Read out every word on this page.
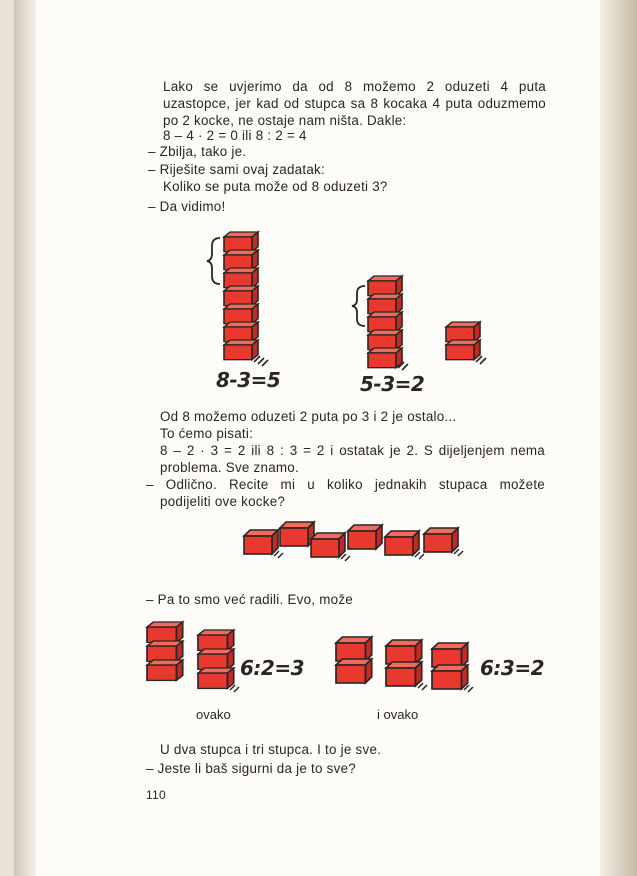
Lako se uvjerimo da od 8 možemo 2 oduzeti 4 puta
uzastopce, jer kad od stupca sa 8 kocaka 4 puta oduzmemo
po 2 kocke, ne ostaje nam ništa. Dakle:
8 – 4 · 2 = 0 ili 8 : 2 = 4
– Zbilja, tako je.
– Riješite sami ovaj zadatak:
Koliko se puta može od 8 oduzeti 3?
– Da vidimo!
8-3=5	5-3=2
Od 8 možemo oduzeti 2 puta po 3 i 2 je ostalo...
To ćemo pisati:
8 – 2 · 3 = 2 ili 8 : 3 = 2 i ostatak je 2. S dijeljenjem nema
problema. Sve znamo.
– Odlično. Recite mi u koliko jednakih stupaca možete
podijeliti ove kocke?
– Pa to smo već radili. Evo, može
6:2=3	6:3=2
ovako	i ovako
U dva stupca i tri stupca. I to je sve.
– Jeste li baš sigurni da je to sve?
110
